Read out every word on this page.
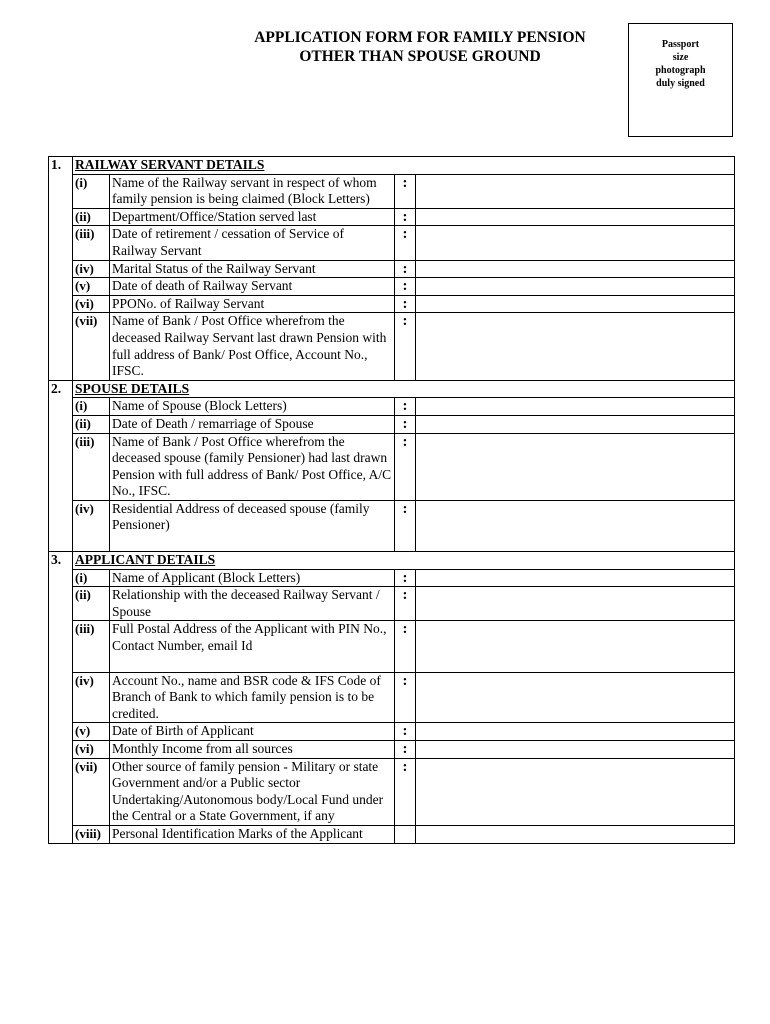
APPLICATION FORM FOR FAMILY PENSION
OTHER THAN SPOUSE GROUND
Passport
size
photograph
duly signed
1.	RAILWAY SERVANT DETAILS			
	(i)	Name of the Railway servant in respect of whom family pension is being claimed (Block Letters)	:	
	(ii)	Department/Office/Station served last	:	
	(iii)	Date of retirement / cessation of Service of Railway Servant	:	
	(iv)	Marital Status of the Railway Servant	:	
	(v)	Date of death of Railway Servant	:	
	(vi)	PPONo. of Railway Servant	:	
	(vii)	Name of Bank / Post Office wherefrom the deceased Railway Servant last drawn Pension with full address of Bank/ Post Office, Account No., IFSC.	:	
2.	SPOUSE DETAILS			
	(i)	Name of Spouse (Block Letters)	:	
	(ii)	Date of Death / remarriage of Spouse	:	
	(iii)	Name of Bank / Post Office wherefrom the deceased spouse (family Pensioner) had last drawn Pension with full address of Bank/ Post Office, A/C No., IFSC.	:	
	(iv)	Residential Address of deceased spouse (family Pensioner)	:	
3.	APPLICANT DETAILS			
	(i)	Name of Applicant (Block Letters)	:	
	(ii)	Relationship with the deceased Railway Servant / Spouse	:	
	(iii)	Full Postal Address of the Applicant with PIN No., Contact Number, email Id	:	
	(iv)	Account No., name and BSR code & IFS Code of Branch of Bank to which family pension is to be credited.	:	
	(v)	Date of Birth of Applicant	:	
	(vi)	Monthly Income from all sources	:	
	(vii)	Other source of family pension - Military or state Government and/or a Public sector Undertaking/Autonomous body/Local Fund under the Central or a State Government, if any	:	
	(viii)	Personal Identification Marks of the Applicant		
